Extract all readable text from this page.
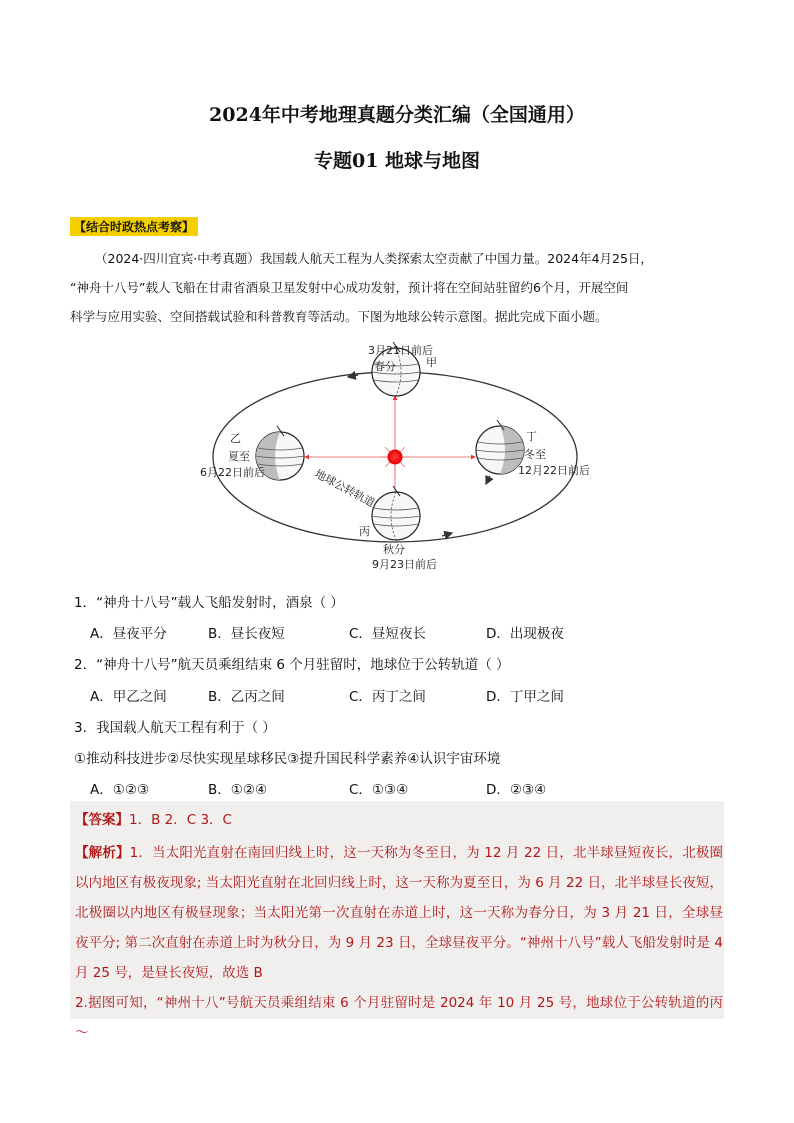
2024年中考地理真题分类汇编（全国通用）
专题01 地球与地图
【结合时政热点考察】

（2024·四川宜宾·中考真题）我国载人航天工程为人类探索太空贡献了中国力量。2024年4月25日，

“神舟十八号”载人飞船在甘肃省酒泉卫星发射中心成功发射，预计将在空间站驻留约6个月，开展空间
科学与应用实验、空间搭载试验和科普教育等活动。下图为地球公转示意图。据此完成下面小题。
3月21日前后
春分	甲
乙
夏至
6月22日前后
丁
冬至
12月22日前后
丙
秋分
9月23日前后
地球公转轨道
1．“神舟十八号”载人飞船发射时，酒泉（ ）
A．昼夜平分	B．昼长夜短	C．昼短夜长	D．出现极夜
2．“神舟十八号”航天员乘组结束 6 个月驻留时，地球位于公转轨道（ ）
A．甲乙之间	B．乙丙之间	C．丙丁之间	D．丁甲之间
3．我国载人航天工程有利于（ ）
①推动科技进步②尽快实现星球移民③提升国民科学素养④认识宇宙环境
A．①②③	B．①②④	C．①③④	D．②③④
【答案】1．B 2．C 3．C
【解析】1．当太阳光直射在南回归线上时，这一天称为冬至日，为 12 月 22 日，北半球昼短夜长，北极圈以内地区有极夜现象; 当太阳光直射在北回归线上时，这一天称为夏至日，为 6 月 22 日，北半球昼长夜短，北极圈以内地区有极昼现象；当太阳光第一次直射在赤道上时，这一天称为春分日，为 3 月 21 日，全球昼夜平分; 第二次直射在赤道上时为秋分日，为 9 月 23 日，全球昼夜平分。“神州十八号”载人飞船发射时是 4 月 25 号，是昼长夜短，故选 B
2.据图可知，“神州十八”号航天员乘组结束 6 个月驻留时是 2024 年 10 月 25 号，地球位于公转轨道的丙～
